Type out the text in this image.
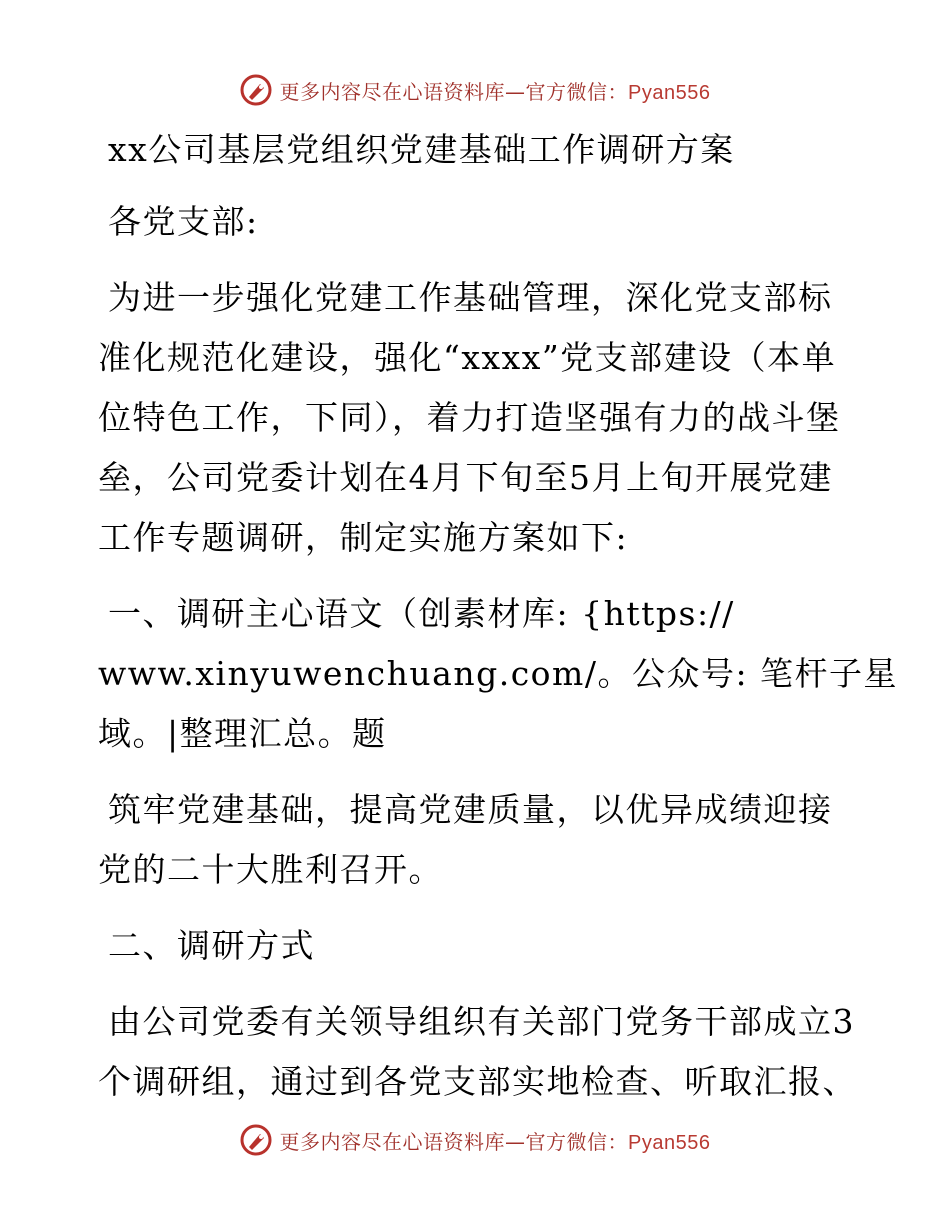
更多内容尽在心语资料库—官方微信：Pyan556
xx公司基层党组织党建基础工作调研方案
各党支部:
为进一步强化党建工作基础管理，深化党支部标
准化规范化建设，强化“xxxx”党支部建设（本单
位特色工作，下同），着力打造坚强有力的战斗堡
垒，公司党委计划在4月下旬至5月上旬开展党建
工作专题调研，制定实施方案如下:
一、调研主心语文（创素材库: {https://
www.xinyuwenchuang.com/。公众号: 笔杆子星
域。|整理汇总。题
筑牢党建基础，提高党建质量，以优异成绩迎接
党的二十大胜利召开。
二、调研方式
由公司党委有关领导组织有关部门党务干部成立3
个调研组，通过到各党支部实地检查、听取汇报、
更多内容尽在心语资料库—官方微信：Pyan556
